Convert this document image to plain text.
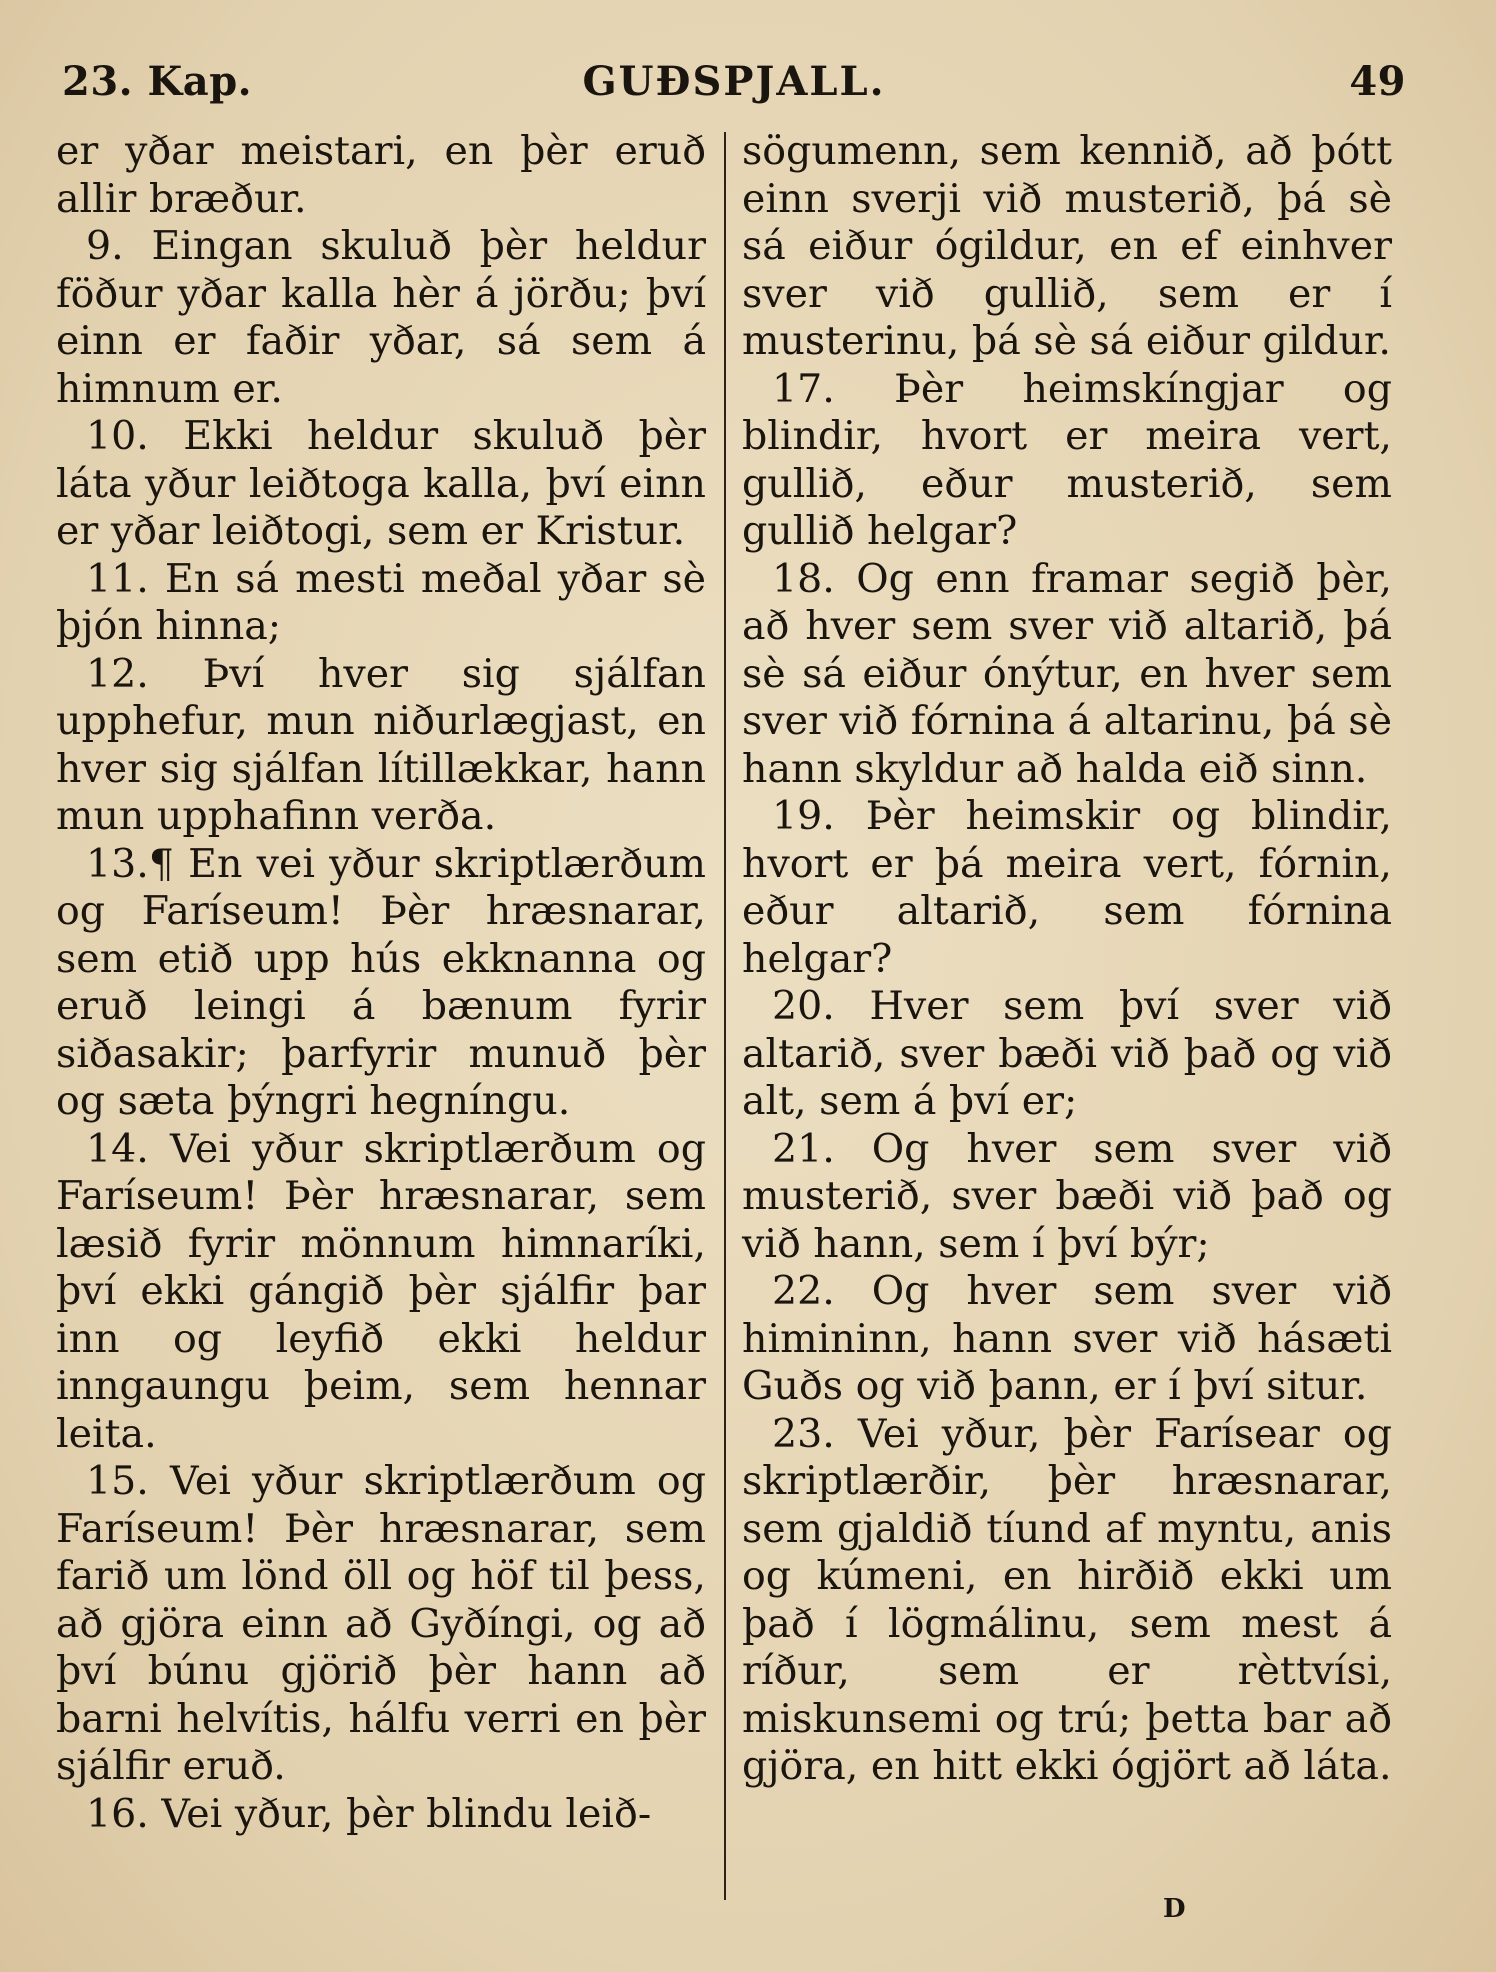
23. Kap.	GUÐSPJALL.	49

er yðar meistari, en þèr eruð allir bræður.

9. Eingan skuluð þèr heldur föður yðar kalla hèr á jörðu; því einn er faðir yðar, sá sem á himnum er.

10. Ekki heldur skuluð þèr láta yður leiðtoga kalla, því einn er yðar leiðtogi, sem er Kristur.

11. En sá mesti meðal yðar sè þjón hinna;

12. Því hver sig sjálfan upphefur, mun niðurlægjast, en hver sig sjálfan lítillækkar, hann mun upphafinn verða.

13.¶ En vei yður skriptlærðum og Faríseum! Þèr hræsnarar, sem etið upp hús ekknanna og eruð leingi á bænum fyrir siðasakir; þarfyrir munuð þèr og sæta þýngri hegníngu.

14. Vei yður skriptlærðum og Faríseum! Þèr hræsnarar, sem læsið fyrir mönnum himnaríki, því ekki gángið þèr sjálfir þar inn og leyfið ekki heldur inngaungu þeim, sem hennar leita.

15. Vei yður skriptlærðum og Faríseum! Þèr hræsnarar, sem farið um lönd öll og höf til þess, að gjöra einn að Gyðíngi, og að því búnu gjörið þèr hann að barni helvítis, hálfu verri en þèr sjálfir eruð.

16. Vei yður, þèr blindu leið-

sögumenn, sem kennið, að þótt einn sverji við musterið, þá sè sá eiður ógildur, en ef einhver sver við gullið, sem er í musterinu, þá sè sá eiður gildur.

17. Þèr heimskíngjar og blindir, hvort er meira vert, gullið, eður musterið, sem gullið helgar?

18. Og enn framar segið þèr, að hver sem sver við altarið, þá sè sá eiður ónýtur, en hver sem sver við fórnina á altarinu, þá sè hann skyldur að halda eið sinn.

19. Þèr heimskir og blindir, hvort er þá meira vert, fórnin, eður altarið, sem fórnina helgar?

20. Hver sem því sver við altarið, sver bæði við það og við alt, sem á því er;

21. Og hver sem sver við musterið, sver bæði við það og við hann, sem í því býr;

22. Og hver sem sver við himininn, hann sver við hásæti Guðs og við þann, er í því situr.

23. Vei yður, þèr Farísear og skriptlærðir, þèr hræsnarar, sem gjaldið tíund af myntu, anis og kúmeni, en hirðið ekki um það í lögmálinu, sem mest á ríður, sem er rèttvísi, miskunsemi og trú; þetta bar að gjöra, en hitt ekki ógjört að láta.

D
